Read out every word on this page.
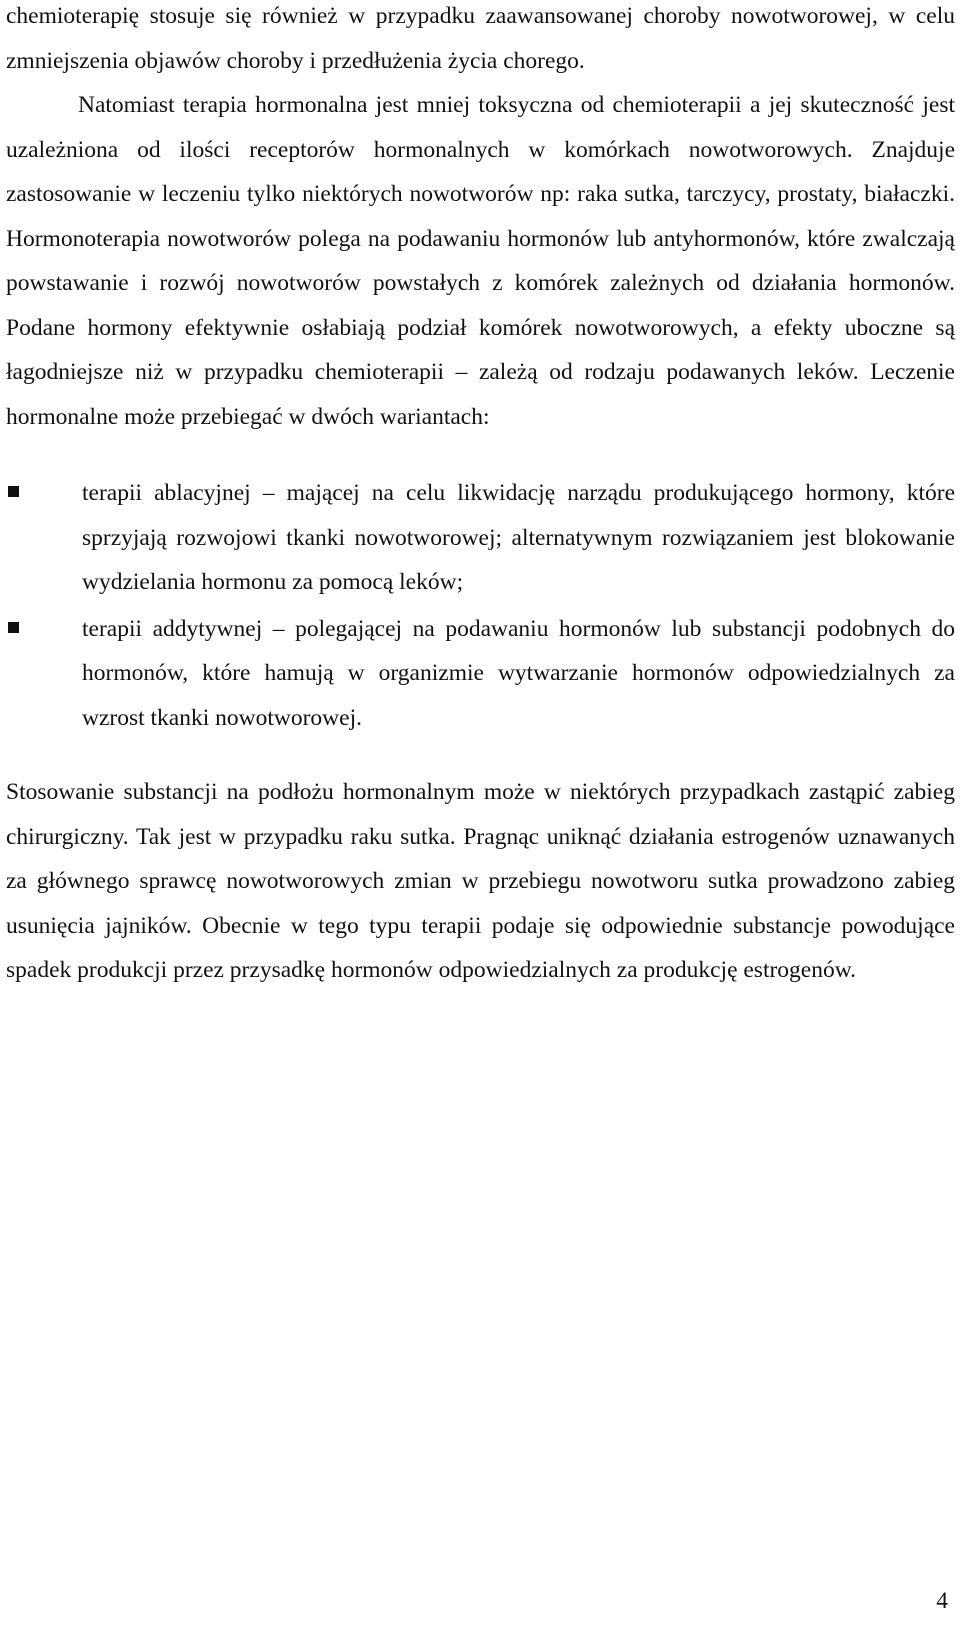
chemioterapię stosuje się również w przypadku zaawansowanej choroby nowotworowej, w celu zmniejszenia objawów choroby i przedłużenia życia chorego.

Natomiast terapia hormonalna jest mniej toksyczna od chemioterapii a jej skuteczność jest uzależniona od ilości receptorów hormonalnych w komórkach nowotworowych. Znajduje zastosowanie w leczeniu tylko niektórych nowotworów np: raka sutka, tarczycy, prostaty, białaczki. Hormonoterapia nowotworów polega na podawaniu hormonów lub antyhormonów, które zwalczają powstawanie i rozwój nowotworów powstałych z komórek zależnych od działania hormonów. Podane hormony efektywnie osłabiają podział komórek nowotworowych, a efekty uboczne są łagodniejsze niż w przypadku chemioterapii – zależą od rodzaju podawanych leków. Leczenie hormonalne może przebiegać w dwóch wariantach:

terapii ablacyjnej – mającej na celu likwidację narządu produkującego hormony, które sprzyjają rozwojowi tkanki nowotworowej; alternatywnym rozwiązaniem jest blokowanie wydzielania hormonu za pomocą leków;
terapii addytywnej – polegającej na podawaniu hormonów lub substancji podobnych do hormonów, które hamują w organizmie wytwarzanie hormonów odpowiedzialnych za wzrost tkanki nowotworowej.

Stosowanie substancji na podłożu hormonalnym może w niektórych przypadkach zastąpić zabieg chirurgiczny. Tak jest w przypadku raku sutka. Pragnąc uniknąć działania estrogenów uznawanych za głównego sprawcę nowotworowych zmian w przebiegu nowotworu sutka prowadzono zabieg usunięcia jajników. Obecnie w tego typu terapii podaje się odpowiednie substancje powodujące spadek produkcji przez przysadkę hormonów odpowiedzialnych za produkcję estrogenów.

4
